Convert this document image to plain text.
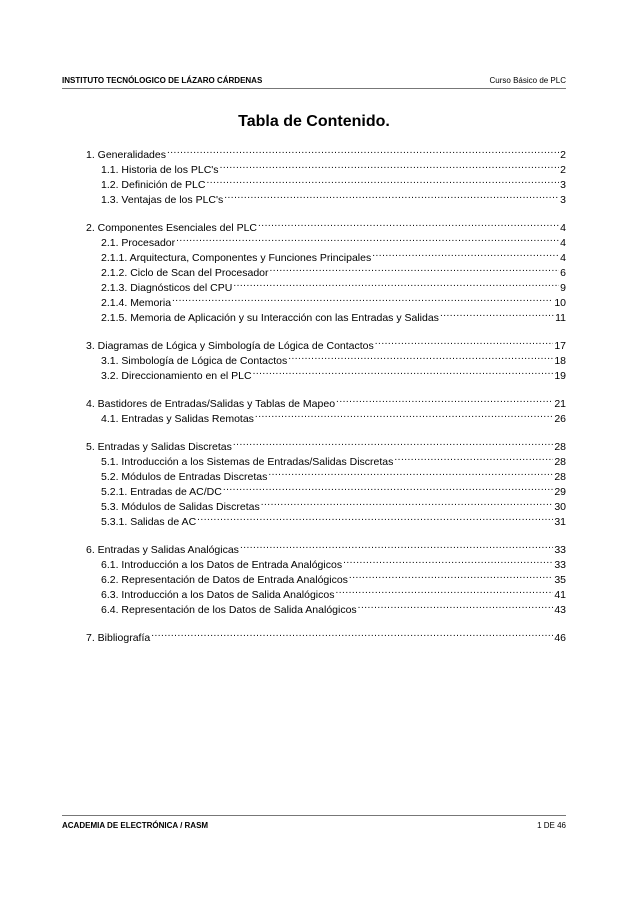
INSTITUTO TECNÓLOGICO DE LÁZARO CÁRDENAS	Curso Básico de PLC
Tabla de Contenido.
1. Generalidades .....	2
1.1. Historia de los PLC's .....	2
1.2. Definición de PLC .....	3
1.3. Ventajas de los PLC's .....	3
2. Componentes Esenciales del PLC .....	4
2.1. Procesador .....	4
2.1.1. Arquitectura, Componentes y Funciones Principales .....	4
2.1.2. Ciclo de Scan del Procesador .....	6
2.1.3. Diagnósticos del CPU .....	9
2.1.4. Memoria .....	10
2.1.5. Memoria de Aplicación y su Interacción con las Entradas y Salidas .....	11
3. Diagramas de Lógica y Simbología de Lógica de Contactos .....	17
3.1. Simbología de Lógica de Contactos .....	18
3.2. Direccionamiento en el PLC .....	19
4. Bastidores de Entradas/Salidas y Tablas de Mapeo .....	21
4.1. Entradas y Salidas Remotas .....	26
5. Entradas y Salidas Discretas .....	28
5.1. Introducción a los Sistemas de Entradas/Salidas Discretas .....	28
5.2. Módulos de Entradas Discretas .....	28
5.2.1. Entradas de AC/DC .....	29
5.3. Módulos de Salidas Discretas .....	30
5.3.1. Salidas de AC .....	31
6. Entradas y Salidas Analógicas .....	33
6.1. Introducción a los Datos de Entrada Analógicos .....	33
6.2. Representación de Datos de Entrada Analógicos .....	35
6.3. Introducción a los Datos de Salida Analógicos .....	41
6.4. Representación de los Datos de Salida Analógicos .....	43
7. Bibliografía .....	46
ACADEMIA DE ELECTRÓNICA / RASM	1 DE 46
